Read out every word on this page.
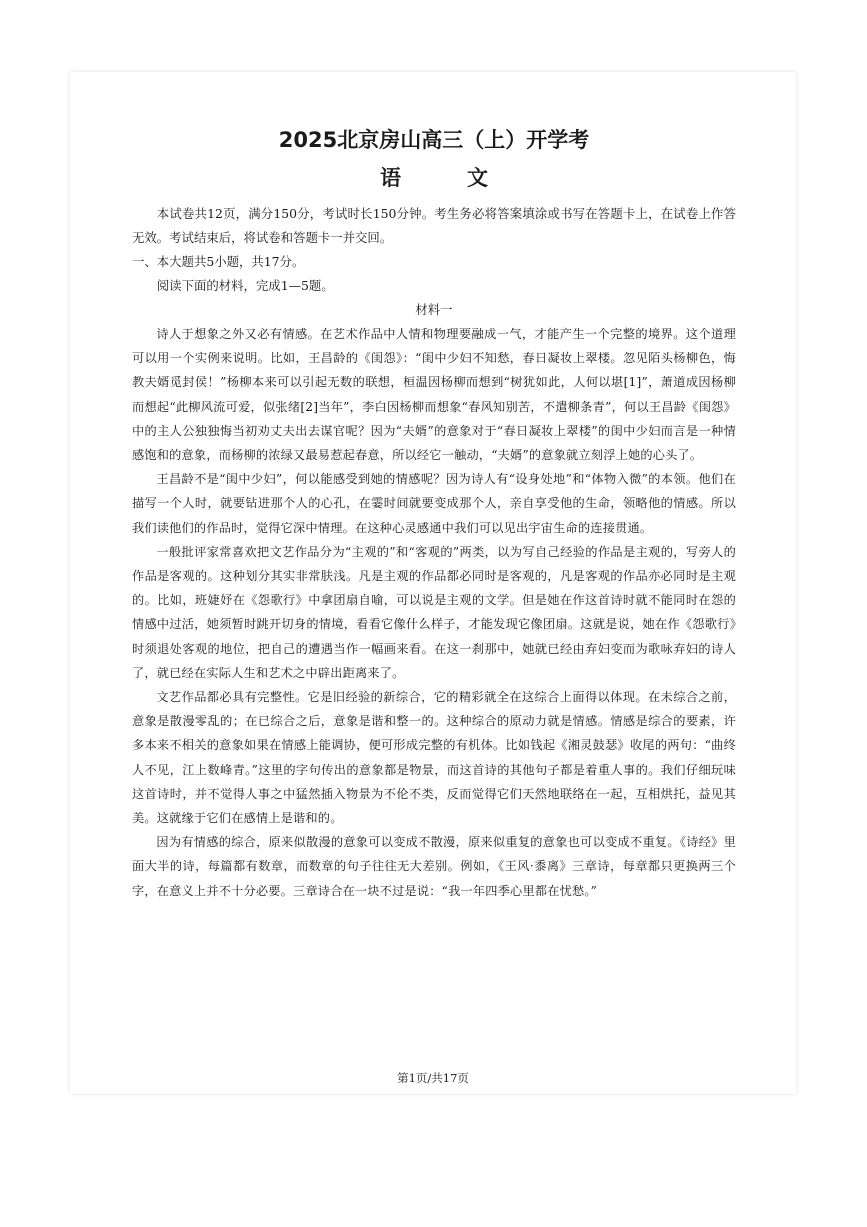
2025北京房山高三（上）开学考
语 文

本试卷共12页，满分150分，考试时长150分钟。考生务必将答案填涂或书写在答题卡上，在试卷上作答无效。考试结束后，将试卷和答题卡一并交回。

一、本大题共5小题，共17分。

阅读下面的材料，完成1—5题。

材料一

诗人于想象之外又必有情感。在艺术作品中人情和物理要融成一气，才能产生一个完整的境界。这个道理可以用一个实例来说明。比如，王昌龄的《闺怨》：“闺中少妇不知愁，春日凝妆上翠楼。忽见陌头杨柳色，悔教夫婿觅封侯！”杨柳本来可以引起无数的联想，桓温因杨柳而想到“树犹如此，人何以堪[1]”，萧道成因杨柳而想起“此柳风流可爱，似张绪[2]当年”，李白因杨柳而想象“春风知别苦，不遣柳条青”，何以王昌龄《闺怨》中的主人公独独悔当初劝丈夫出去谋官呢？因为“夫婿”的意象对于“春日凝妆上翠楼”的闺中少妇而言是一种情感饱和的意象，而杨柳的浓绿又最易惹起春意，所以经它一触动，“夫婿”的意象就立刻浮上她的心头了。

王昌龄不是“闺中少妇”，何以能感受到她的情感呢？因为诗人有“设身处地”和“体物入微”的本领。他们在描写一个人时，就要钻进那个人的心孔，在霎时间就要变成那个人，亲自享受他的生命，领略他的情感。所以我们读他们的作品时，觉得它深中情理。在这种心灵感通中我们可以见出宇宙生命的连接贯通。

一般批评家常喜欢把文艺作品分为“主观的”和“客观的”两类，以为写自己经验的作品是主观的，写旁人的作品是客观的。这种划分其实非常肤浅。凡是主观的作品都必同时是客观的，凡是客观的作品亦必同时是主观的。比如，班婕妤在《怨歌行》中拿团扇自喻，可以说是主观的文学。但是她在作这首诗时就不能同时在怨的情感中过活，她须暂时跳开切身的情境，看看它像什么样子，才能发现它像团扇。这就是说，她在作《怨歌行》时须退处客观的地位，把自己的遭遇当作一幅画来看。在这一刹那中，她就已经由弃妇变而为歌咏弃妇的诗人了，就已经在实际人生和艺术之中辟出距离来了。

文艺作品都必具有完整性。它是旧经验的新综合，它的精彩就全在这综合上面得以体现。在未综合之前，意象是散漫零乱的；在已综合之后，意象是谐和整一的。这种综合的原动力就是情感。情感是综合的要素，许多本来不相关的意象如果在情感上能调协，便可形成完整的有机体。比如钱起《湘灵鼓瑟》收尾的两句：“曲终人不见，江上数峰青。”这里的字句传出的意象都是物景，而这首诗的其他句子都是着重人事的。我们仔细玩味这首诗时，并不觉得人事之中猛然插入物景为不伦不类，反而觉得它们天然地联络在一起，互相烘托，益见其美。这就缘于它们在感情上是谐和的。

因为有情感的综合，原来似散漫的意象可以变成不散漫，原来似重复的意象也可以变成不重复。《诗经》里面大半的诗，每篇都有数章，而数章的句子往往无大差别。例如，《王风·黍离》三章诗，每章都只更换两三个字，在意义上并不十分必要。三章诗合在一块不过是说：“我一年四季心里都在忧愁。”

第1页/共17页
